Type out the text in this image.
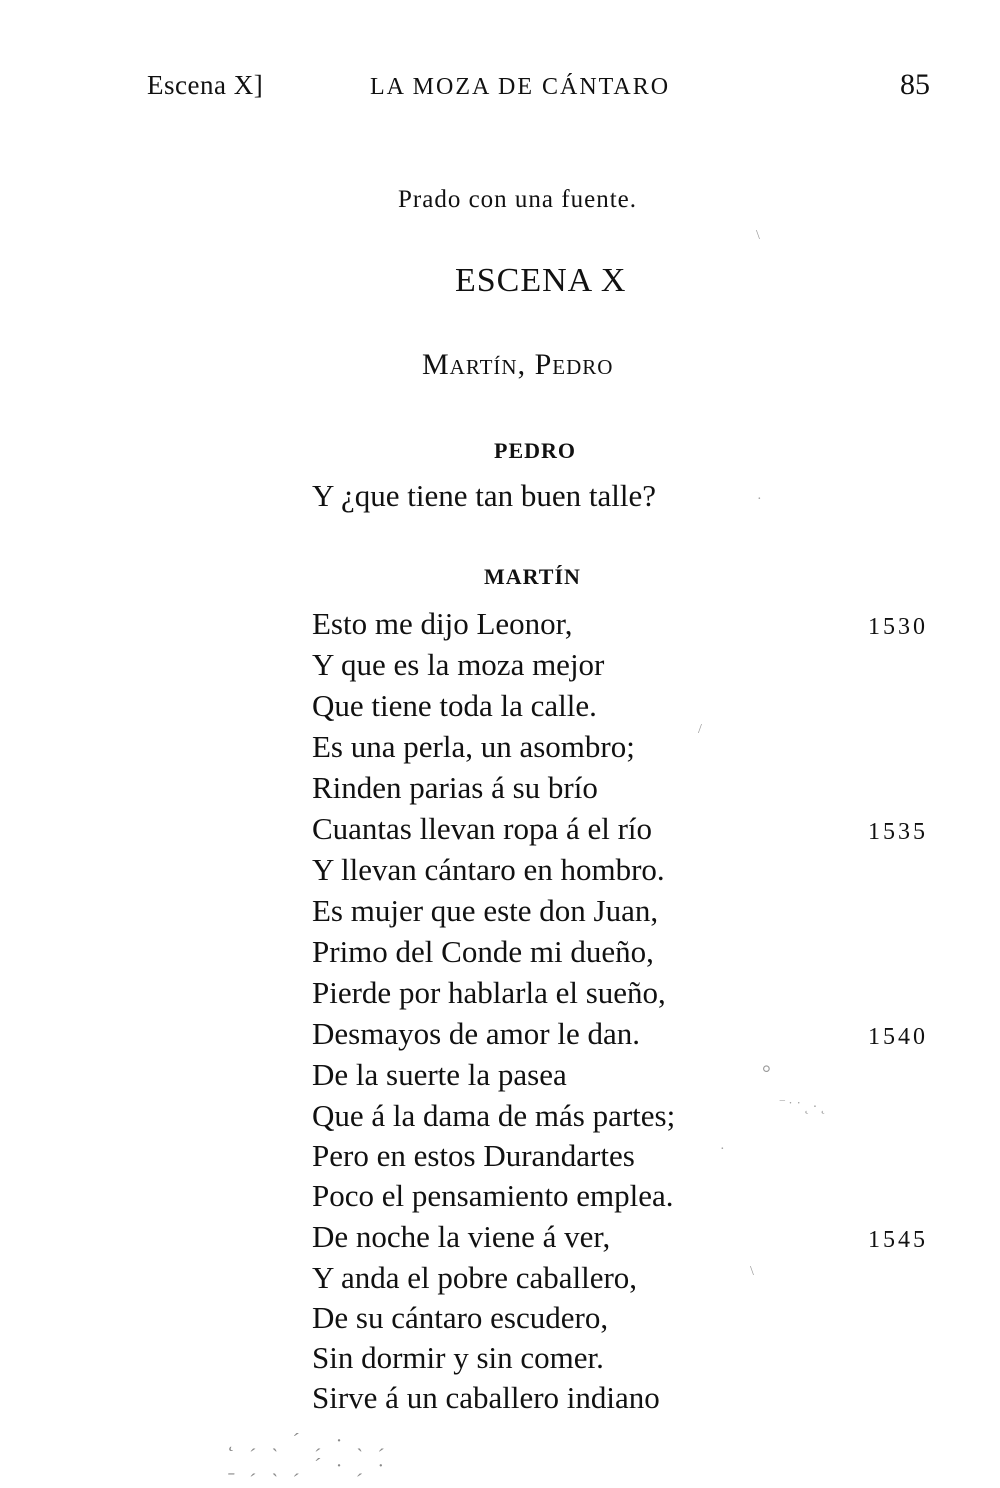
Escena X]	LA MOZA DE CÁNTARO	85
Prado con una fuente.
ESCENA X
Martín, Pedro
PEDRO
Y ¿que tiene tan buen talle?
MARTÍN
Esto me dijo Leonor,	1530
Y que es la moza mejor
Que tiene toda la calle.
Es una perla, un asombro;
Rinden parias á su brío
Cuantas llevan ropa á el río	1535
Y llevan cántaro en hombro.
Es mujer que este don Juan,
Primo del Conde mi dueño,
Pierde por hablarla el sueño,
Desmayos de amor le dan.	1540
De la suerte la pasea
Que á la dama de más partes;
Pero en estos Durandartes
Poco el pensamiento emplea.
De noche la viene á ver,	1545
Y anda el pobre caballero,
De su cántaro escudero,
Sin dormir y sin comer.
Sirve á un caballero indiano
\
·
/
°
‾ ˙ ˙ ˛ · ˛
·
\
˛ ˏ ˎ ˊ ˏ · ˎ ˏ
ˍ ˏ ˎ ˏ ˊ · ˏ ·
